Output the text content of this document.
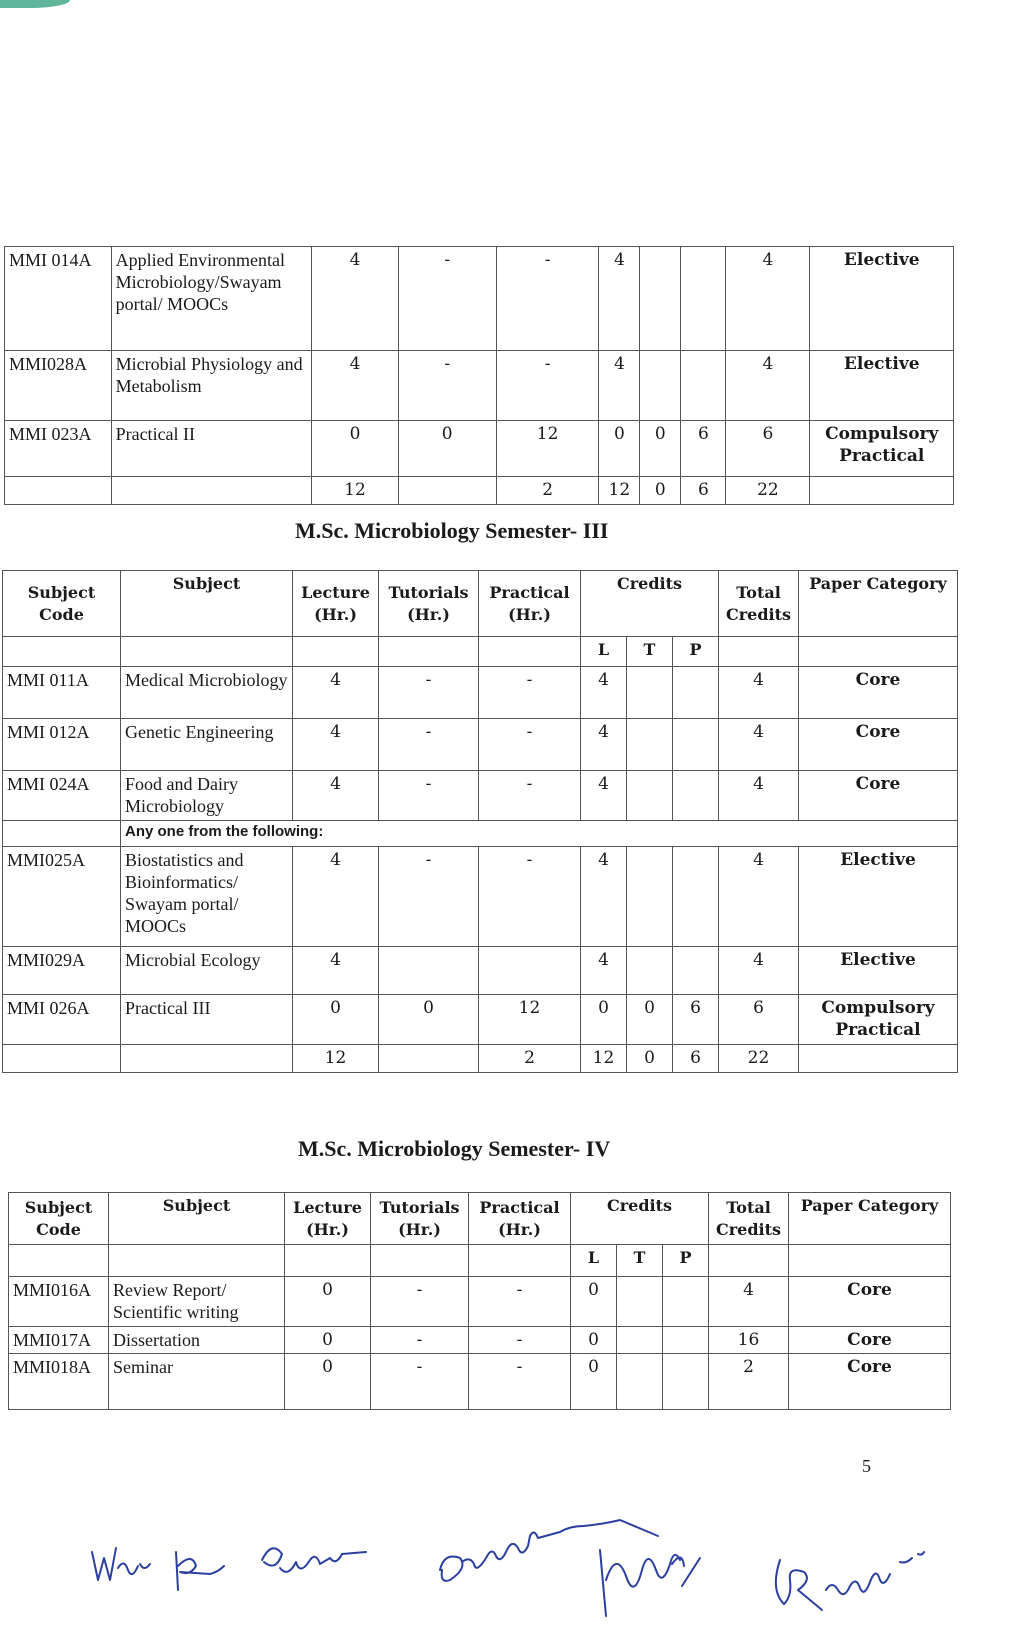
MMI 014A	Applied Environmental Microbiology/Swayam portal/ MOOCs	4	-	-	4			4	Elective
MMI028A	Microbial Physiology and Metabolism	4	-	-	4			4	Elective
MMI 023A	Practical II	0	0	12	0	0	6	6	Compulsory Practical
		12		2	12	0	6	22	
M.Sc. Microbiology Semester- III
Subject Code	Subject	Lecture (Hr.)	Tutorials (Hr.)	Practical (Hr.)	Credits			Total Credits	Paper Category
					L	T	P		
MMI 011A	Medical Microbiology	4	-	-	4			4	Core
MMI 012A	Genetic Engineering	4	-	-	4			4	Core
MMI 024A	Food and Dairy Microbiology	4	-	-	4			4	Core
	Any one from the following:								
MMI025A	Biostatistics and Bioinformatics/ Swayam portal/ MOOCs	4	-	-	4			4	Elective
MMI029A	Microbial Ecology	4			4			4	Elective
MMI 026A	Practical III	0	0	12	0	0	6	6	Compulsory Practical
		12		2	12	0	6	22	
M.Sc. Microbiology Semester- IV
Subject Code	Subject	Lecture (Hr.)	Tutorials (Hr.)	Practical (Hr.)	Credits			Total Credits	Paper Category
					L	T	P		
MMI016A	Review Report/ Scientific writing	0	-	-	0			4	Core
MMI017A	Dissertation	0	-	-	0			16	Core
MMI018A	Seminar	0	-	-	0			2	Core
5
